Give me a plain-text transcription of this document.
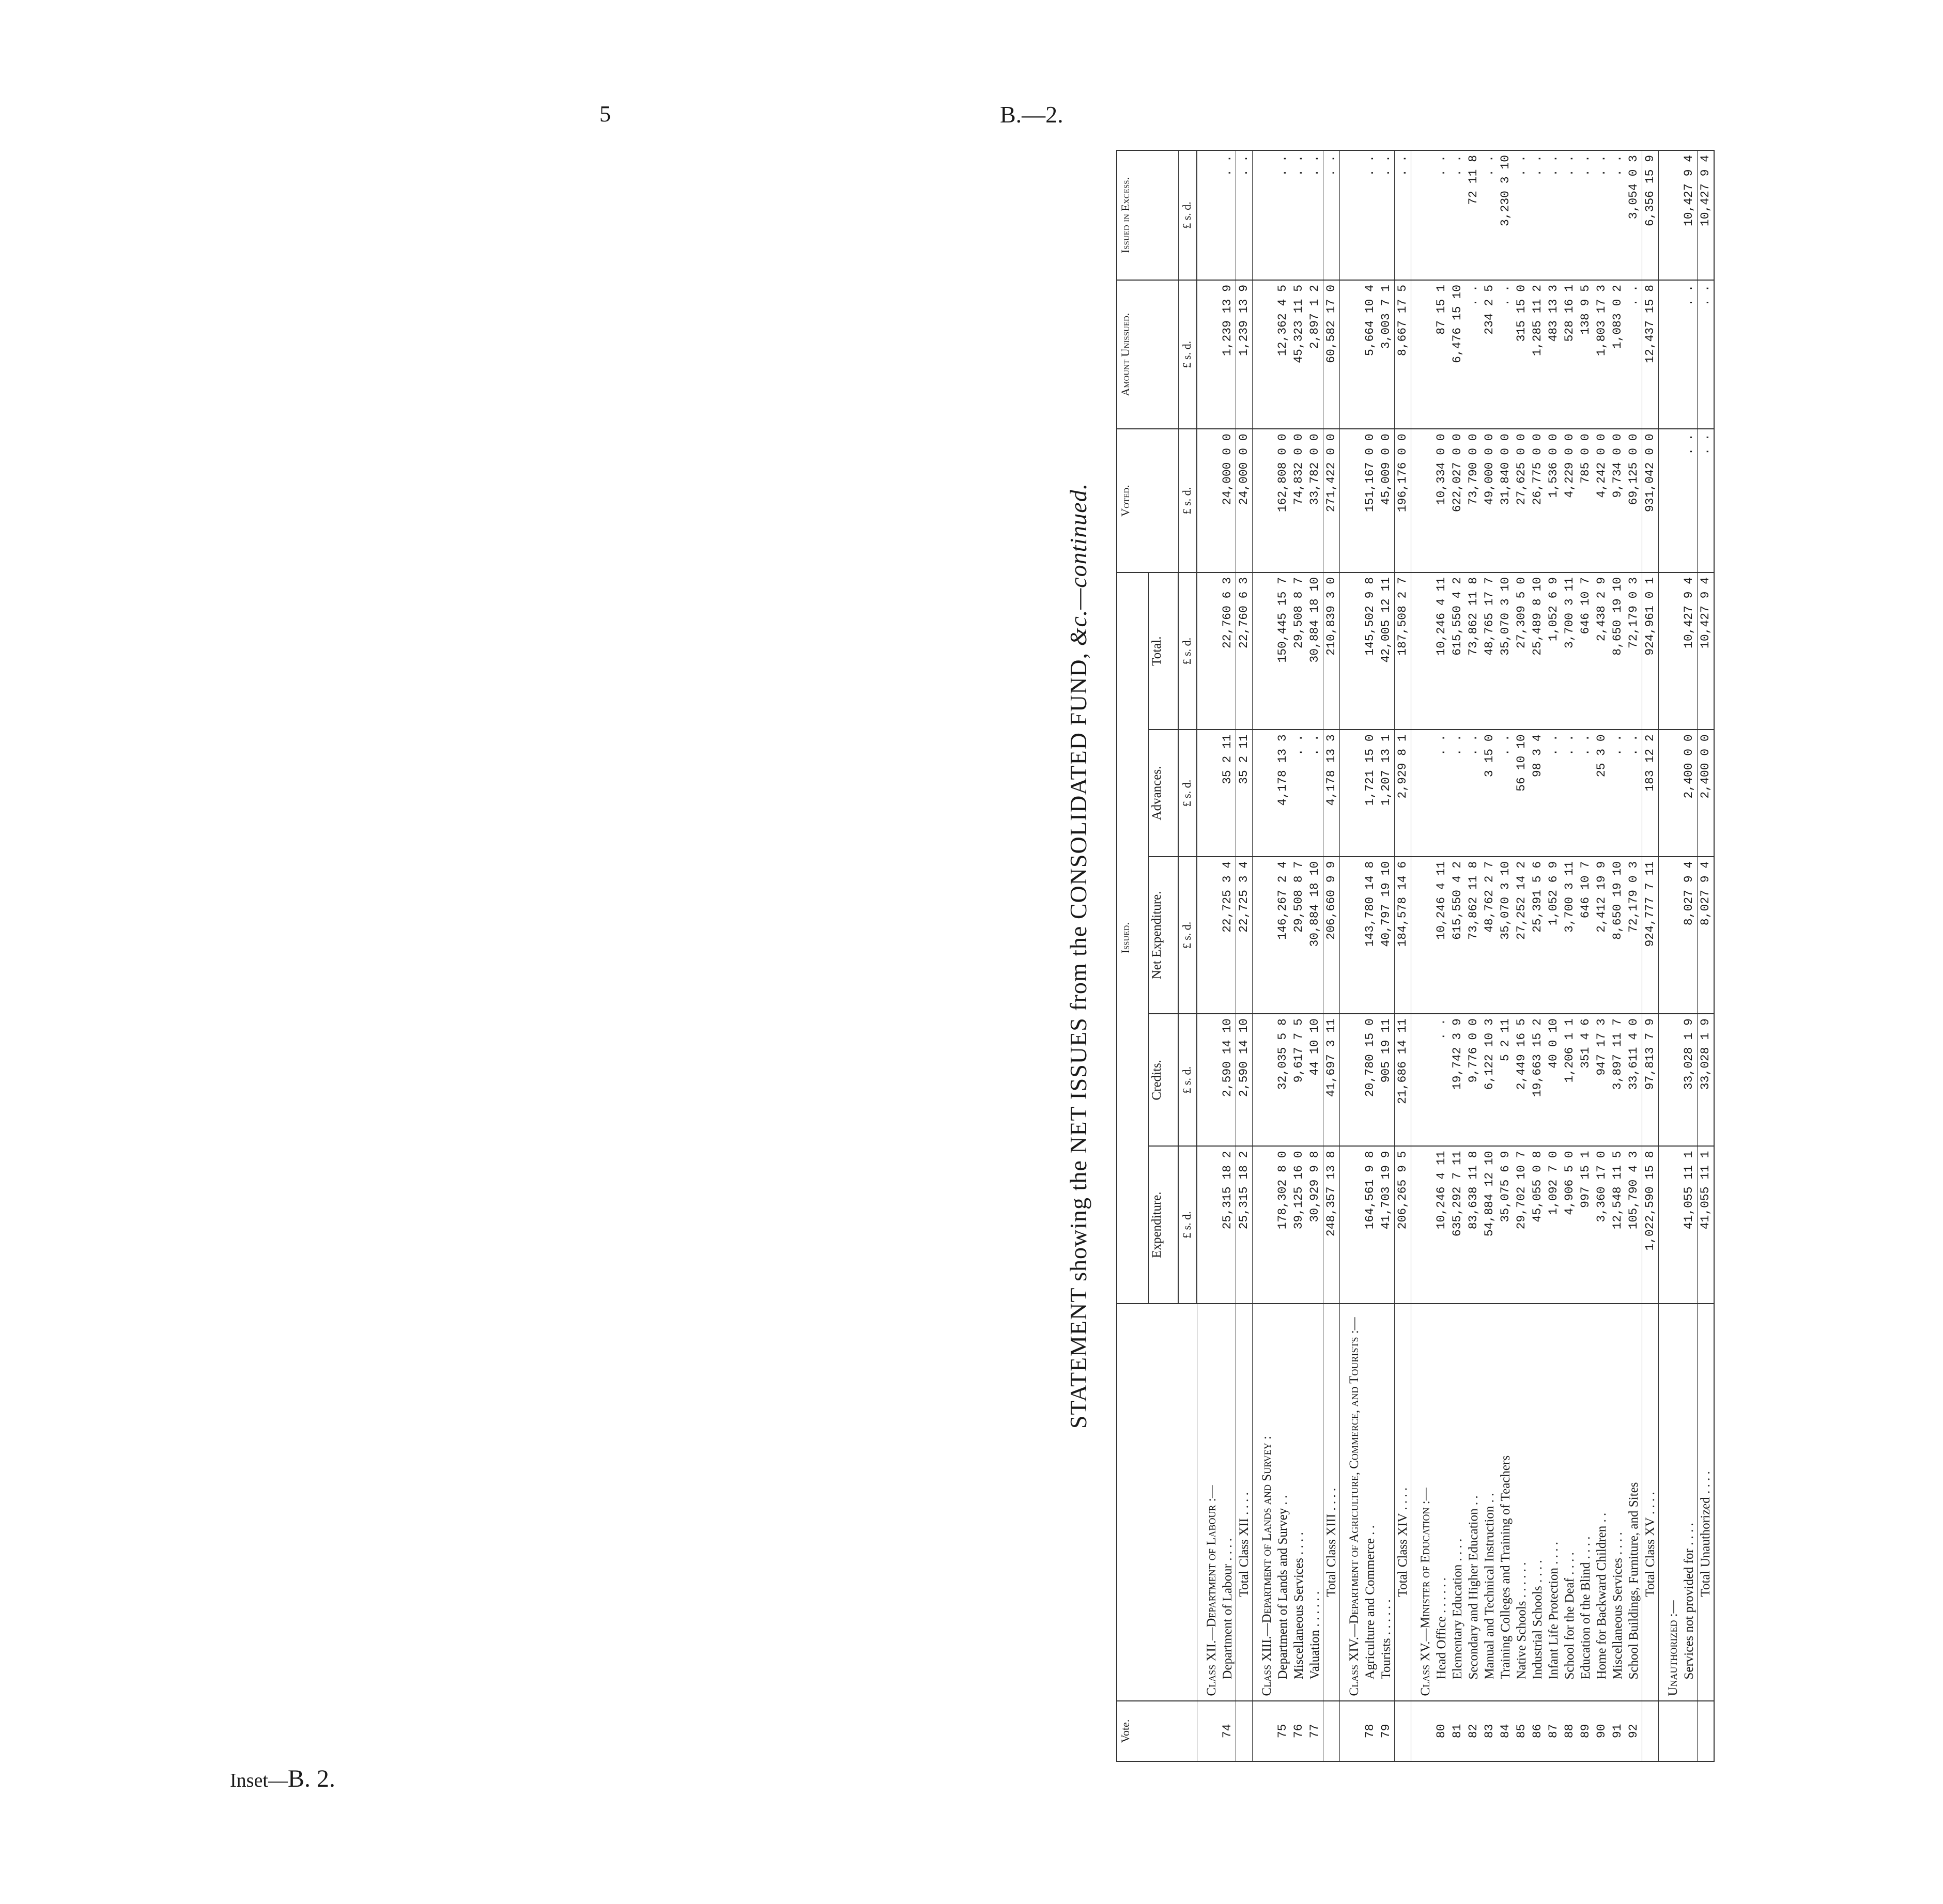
5	B.—2.
Inset—B. 2.
STATEMENT showing the NET ISSUES from the CONSOLIDATED FUND, &c.—continued.
Vote.		Issued.					Voted.	Amount Unissued.	Issued in Excess.
		Expenditure.	Credits.	Net Expenditure.	Advances.	Total.			
		£ s. d.	£ s. d.	£ s. d.	£ s. d.	£ s. d.	£ s. d.	£ s. d.	£ s. d.
	Class XII.—Department of Labour :—								
74	Department of Labour . . . .	25,315 18 2	2,590 14 10	22,725 3 4	35 2 11	22,760 6 3	24,000 0 0	1,239 13 9	. .
	Total Class XII . . . .	25,315 18 2	2,590 14 10	22,725 3 4	35 2 11	22,760 6 3	24,000 0 0	1,239 13 9	. .
	Class XIII.—Department of Lands and Survey :								
75	Department of Lands and Survey . .	178,302 8 0	32,035 5 8	146,267 2 4	4,178 13 3	150,445 15 7	162,808 0 0	12,362 4 5	. .
76	Miscellaneous Services . . . .	39,125 16 0	9,617 7 5	29,508 8 7	. .	29,508 8 7	74,832 0 0	45,323 11 5	. .
77	Valuation . . . . . .	30,929 9 8	44 10 10	30,884 18 10	. .	30,884 18 10	33,782 0 0	2,897 1 2	. .
	Total Class XIII . . . .	248,357 13 8	41,697 3 11	206,660 9 9	4,178 13 3	210,839 3 0	271,422 0 0	60,582 17 0	. .
	Class XIV.—Department of Agriculture, Commerce, and Tourists :—								
78	Agriculture and Commerce . .	164,561 9 8	20,780 15 0	143,780 14 8	1,721 15 0	145,502 9 8	151,167 0 0	5,664 10 4	. .
79	Tourists . . . . . .	41,703 19 9	905 19 11	40,797 19 10	1,207 13 1	42,005 12 11	45,009 0 0	3,003 7 1	. .
	Total Class XIV . . . .	206,265 9 5	21,686 14 11	184,578 14 6	2,929 8 1	187,508 2 7	196,176 0 0	8,667 17 5	. .
	Class XV.—Minister of Education :—								
80	Head Office . . . . . .	10,246 4 11	. .	10,246 4 11	. .	10,246 4 11	10,334 0 0	87 15 1	. .
81	Elementary Education . . . .	635,292 7 11	19,742 3 9	615,550 4 2	. .	615,550 4 2	622,027 0 0	6,476 15 10	. .
82	Secondary and Higher Education . .	83,638 11 8	9,776 0 0	73,862 11 8	. .	73,862 11 8	73,790 0 0	. .	72 11 8
83	Manual and Technical Instruction . .	54,884 12 10	6,122 10 3	48,762 2 7	3 15 0	48,765 17 7	49,000 0 0	234 2 5	. .
84	Training Colleges and Training of Teachers	35,075 6 9	5 2 11	35,070 3 10	. .	35,070 3 10	31,840 0 0	. .	3,230 3 10
85	Native Schools . . . . . .	29,702 10 7	2,449 16 5	27,252 14 2	56 10 10	27,309 5 0	27,625 0 0	315 15 0	. .
86	Industrial Schools . . . .	45,055 0 8	19,663 15 2	25,391 5 6	98 3 4	25,489 8 10	26,775 0 0	1,285 11 2	. .
87	Infant Life Protection . . . .	1,092 7 0	40 0 10	1,052 6 9	. .	1,052 6 9	1,536 0 0	483 13 3	. .
88	School for the Deaf . . . .	4,906 5 0	1,206 1 1	3,700 3 11	. .	3,700 3 11	4,229 0 0	528 16 1	. .
89	Education of the Blind . . . .	997 15 1	351 4 6	646 10 7	. .	646 10 7	785 0 0	138 9 5	. .
90	Home for Backward Children . .	3,360 17 0	947 17 3	2,412 19 9	25 3 0	2,438 2 9	4,242 0 0	1,803 17 3	. .
91	Miscellaneous Services . . . .	12,548 11 5	3,897 11 7	8,650 19 10	. .	8,650 19 10	9,734 0 0	1,083 0 2	. .
92	School Buildings, Furniture, and Sites	105,790 4 3	33,611 4 0	72,179 0 3	. .	72,179 0 3	69,125 0 0	. .	3,054 0 3
	Total Class XV . . . .	1,022,590 15 8	97,813 7 9	924,777 7 11	183 12 2	924,961 0 1	931,042 0 0	12,437 15 8	6,356 15 9
	Unauthorized :—								
	Services not provided for . . . .	41,055 11 1	33,028 1 9	8,027 9 4	2,400 0 0	10,427 9 4	. .	. .	10,427 9 4
	Total Unauthorized . . . .	41,055 11 1	33,028 1 9	8,027 9 4	2,400 0 0	10,427 9 4	. .	. .	10,427 9 4
